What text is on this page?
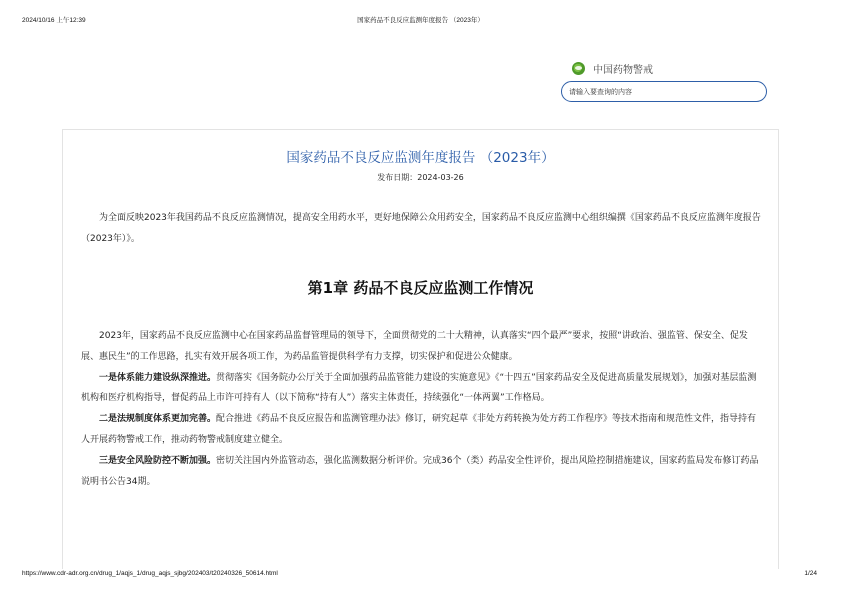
2024/10/16 上午12:39	国家药品不良反应监测年度报告 （2023年）
中国药物警戒
请输入要查询的内容
国家药品不良反应监测年度报告 （2023年）
发布日期：2024-03-26

为全面反映2023年我国药品不良反应监测情况，提高安全用药水平，更好地保障公众用药安全，国家药品不良反应监测中心组织编撰《国家药品不良反应监测年度报告（2023年）》。

第1章 药品不良反应监测工作情况

2023年，国家药品不良反应监测中心在国家药品监督管理局的领导下，全面贯彻党的二十大精神，认真落实“四个最严”要求，按照“讲政治、强监管、保安全、促发展、惠民生”的工作思路，扎实有效开展各项工作，为药品监管提供科学有力支撑，切实保护和促进公众健康。

一是体系能力建设纵深推进。贯彻落实《国务院办公厅关于全面加强药品监管能力建设的实施意见》《“十四五”国家药品安全及促进高质量发展规划》，加强对基层监测机构和医疗机构指导，督促药品上市许可持有人（以下简称“持有人”）落实主体责任，持续强化“一体两翼”工作格局。

二是法规制度体系更加完善。配合推进《药品不良反应报告和监测管理办法》修订，研究起草《非处方药转换为处方药工作程序》等技术指南和规范性文件，指导持有人开展药物警戒工作，推动药物警戒制度建立健全。

三是安全风险防控不断加强。密切关注国内外监管动态，强化监测数据分析评价。完成36个（类）药品安全性评价，提出风险控制措施建议，国家药监局发布修订药品说明书公告34期。

https://www.cdr-adr.org.cn/drug_1/aqjs_1/drug_aqjs_sjbg/202403/t20240326_50614.html	1/24
